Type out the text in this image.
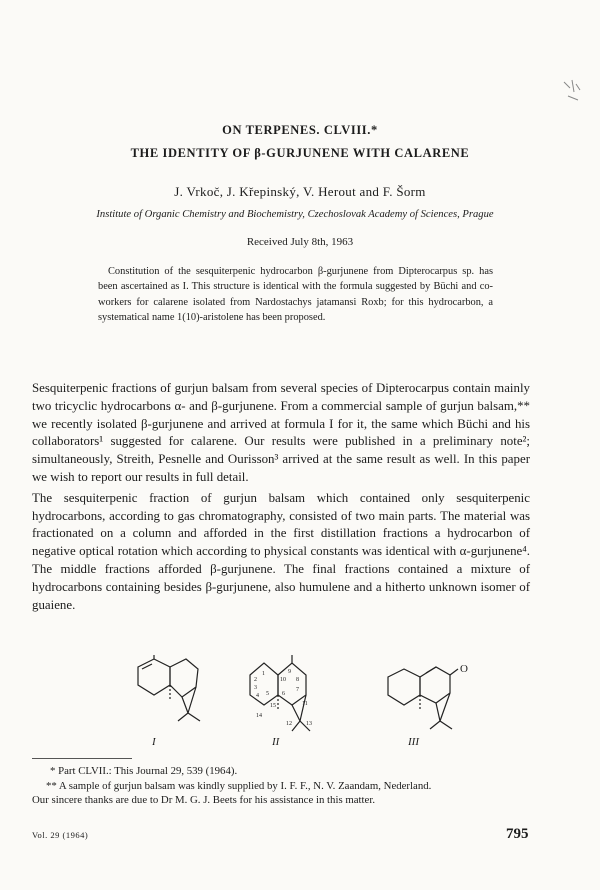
ON TERPENES. CLVIII.*
THE IDENTITY OF β-GURJUNENE WITH CALARENE
J. Vrkoč, J. Křepinský, V. Herout and F. Šorm
Institute of Organic Chemistry and Biochemistry, Czechoslovak Academy of Sciences, Prague
Received July 8th, 1963

Constitution of the sesquiterpenic hydrocarbon β-gurjunene from Dipterocarpus sp. has been ascertained as I. This structure is identical with the formula suggested by Büchi and co-workers for calarene isolated from Nardostachys jatamansi Roxb; for this hydrocarbon, a systematical name 1(10)-aristolene has been proposed.

Sesquiterpenic fractions of gurjun balsam from several species of Dipterocarpus contain mainly two tricyclic hydrocarbons α- and β-gurjunene. From a commercial sample of gurjun balsam,** we recently isolated β-gurjunene and arrived at formula I for it, the same which Büchi and his collaborators¹ suggested for calarene. Our results were published in a preliminary note²; simultaneously, Streith, Pesnelle and Ourisson³ arrived at the same result as well. In this paper we wish to report our results in full detail.

The sesquiterpenic fraction of gurjun balsam which contained only sesquiterpenic hydrocarbons, according to gas chromatography, consisted of two main parts. The material was fractionated on a column and afforded in the first distillation fractions a hydrocarbon of negative optical rotation which according to physical constants was identical with α-gurjunene⁴. The middle fractions afforded β-gurjunene. The final fractions contained a mixture of hydrocarbons containing besides β-gurjunene, also humulene and a hitherto unknown isomer of guaiene.

1
2
3
4 5 6
7
8
9
10
11
12 13
14
15
O
I	II	III
* Part CLVII.: This Journal 29, 539 (1964).
** A sample of gurjun balsam was kindly supplied by I. F. F., N. V. Zaandam, Nederland.
Our sincere thanks are due to Dr M. G. J. Beets for his assistance in this matter.
Vol. 29 (1964)	795
